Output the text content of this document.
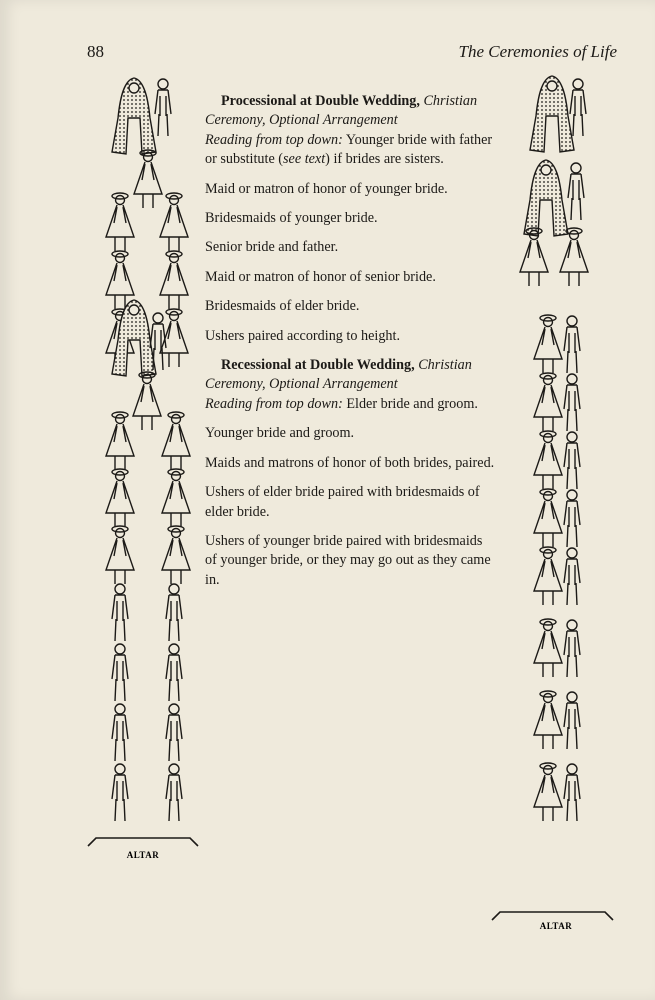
88	The Ceremonies of Life
ALTAR
ALTAR

Processional at Double Wedding, Christian Ceremony, Optional Arrangement
Reading from top down: Younger bride with father or substitute (see text) if brides are sisters.

Maid or matron of honor of younger bride.

Bridesmaids of younger bride.

Senior bride and father.

Maid or matron of honor of senior bride.

Bridesmaids of elder bride.

Ushers paired according to height.

Recessional at Double Wedding, Christian Ceremony, Optional Arrangement
Reading from top down: Elder bride and groom.

Younger bride and groom.

Maids and matrons of honor of both brides, paired.

Ushers of elder bride paired with bridesmaids of elder bride.

Ushers of younger bride paired with bridesmaids of younger bride, or they may go out as they came in.
